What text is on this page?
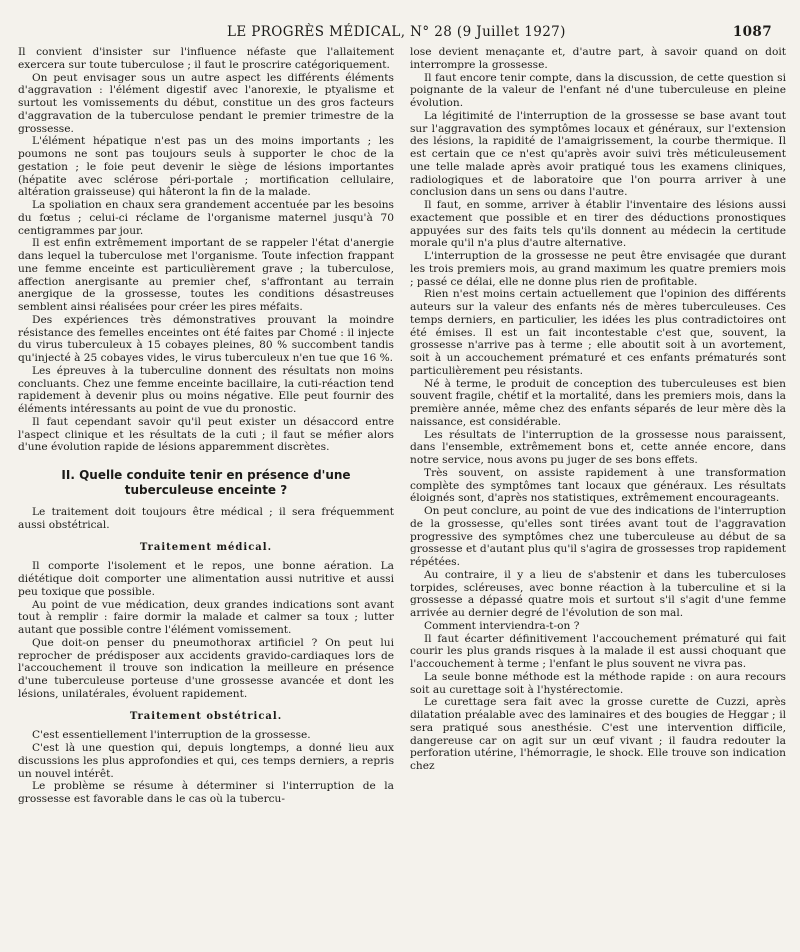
LE PROGRÈS MÉDICAL, N° 28 (9 Juillet 1927)	1087

Il convient d'insister sur l'influence néfaste que l'allaitement exercera sur toute tuberculose ; il faut le proscrire catégoriquement.

On peut envisager sous un autre aspect les différents éléments d'aggravation : l'élément digestif avec l'anorexie, le ptyalisme et surtout les vomissements du début, constitue un des gros facteurs d'aggravation de la tuberculose pendant le premier trimestre de la grossesse.

L'élément hépatique n'est pas un des moins importants ; les poumons ne sont pas toujours seuls à supporter le choc de la gestation ; le foie peut devenir le siège de lésions importantes (hépatite avec sclérose péri-portale ; mortification cellulaire, altération graisseuse) qui hâteront la fin de la malade.

La spoliation en chaux sera grandement accentuée par les besoins du fœtus ; celui-ci réclame de l'organisme maternel jusqu'à 70 centigrammes par jour.

Il est enfin extrêmement important de se rappeler l'état d'anergie dans lequel la tuberculose met l'organisme. Toute infection frappant une femme enceinte est particulièrement grave ; la tuberculose, affection anergisante au premier chef, s'affrontant au terrain anergique de la grossesse, toutes les conditions désastreuses semblent ainsi réalisées pour créer les pires méfaits.

Des expériences très démonstratives prouvant la moindre résistance des femelles enceintes ont été faites par Chomé : il injecte du virus tuberculeux à 15 cobayes pleines, 80 % succombent tandis qu'injecté à 25 cobayes vides, le virus tuberculeux n'en tue que 16 %.

Les épreuves à la tuberculine donnent des résultats non moins concluants. Chez une femme enceinte bacillaire, la cuti-réaction tend rapidement à devenir plus ou moins négative. Elle peut fournir des éléments intéressants au point de vue du pronostic.

Il faut cependant savoir qu'il peut exister un désaccord entre l'aspect clinique et les résultats de la cuti ; il faut se méfier alors d'une évolution rapide de lésions apparemment discrètes.

II. Quelle conduite tenir en présence d'une tuberculeuse enceinte ?

Le traitement doit toujours être médical ; il sera fréquemment aussi obstétrical.

Traitement médical.

Il comporte l'isolement et le repos, une bonne aération. La diététique doit comporter une alimentation aussi nutritive et aussi peu toxique que possible.

Au point de vue médication, deux grandes indications sont avant tout à remplir : faire dormir la malade et calmer sa toux ; lutter autant que possible contre l'élément vomissement.

Que doit-on penser du pneumothorax artificiel ? On peut lui reprocher de prédisposer aux accidents gravido-cardiaques lors de l'accouchement il trouve son indication la meilleure en présence d'une tuberculeuse porteuse d'une grossesse avancée et dont les lésions, unilatérales, évoluent rapidement.

Traitement obstétrical.

C'est essentiellement l'interruption de la grossesse.

C'est là une question qui, depuis longtemps, a donné lieu aux discussions les plus approfondies et qui, ces temps derniers, a repris un nouvel intérêt.

Le problème se résume à déterminer si l'interruption de la grossesse est favorable dans le cas où la tubercu-

lose devient menaçante et, d'autre part, à savoir quand on doit interrompre la grossesse.

Il faut encore tenir compte, dans la discussion, de cette question si poignante de la valeur de l'enfant né d'une tuberculeuse en pleine évolution.

La légitimité de l'interruption de la grossesse se base avant tout sur l'aggravation des symptômes locaux et généraux, sur l'extension des lésions, la rapidité de l'amaigrissement, la courbe thermique. Il est certain que ce n'est qu'après avoir suivi très méticuleusement une telle malade après avoir pratiqué tous les examens cliniques, radiologiques et de laboratoire que l'on pourra arriver à une conclusion dans un sens ou dans l'autre.

Il faut, en somme, arriver à établir l'inventaire des lésions aussi exactement que possible et en tirer des déductions pronostiques appuyées sur des faits tels qu'ils donnent au médecin la certitude morale qu'il n'a plus d'autre alternative.

L'interruption de la grossesse ne peut être envisagée que durant les trois premiers mois, au grand maximum les quatre premiers mois ; passé ce délai, elle ne donne plus rien de profitable.

Rien n'est moins certain actuellement que l'opinion des différents auteurs sur la valeur des enfants nés de mères tuberculeuses. Ces temps derniers, en particulier, les idées les plus contradictoires ont été émises. Il est un fait incontestable c'est que, souvent, la grossesse n'arrive pas à terme ; elle aboutit soit à un avortement, soit à un accouchement prématuré et ces enfants prématurés sont particulièrement peu résistants.

Né à terme, le produit de conception des tuberculeuses est bien souvent fragile, chétif et la mortalité, dans les premiers mois, dans la première année, même chez des enfants séparés de leur mère dès la naissance, est considérable.

Les résultats de l'interruption de la grossesse nous paraissent, dans l'ensemble, extrêmement bons et, cette année encore, dans notre service, nous avons pu juger de ses bons effets.

Très souvent, on assiste rapidement à une transformation complète des symptômes tant locaux que généraux. Les résultats éloignés sont, d'après nos statistiques, extrêmement encourageants.

On peut conclure, au point de vue des indications de l'interruption de la grossesse, qu'elles sont tirées avant tout de l'aggravation progressive des symptômes chez une tuberculeuse au début de sa grossesse et d'autant plus qu'il s'agira de grossesses trop rapidement répétées.

Au contraire, il y a lieu de s'abstenir et dans les tuberculoses torpides, scléreuses, avec bonne réaction à la tuberculine et si la grossesse a dépassé quatre mois et surtout s'il s'agit d'une femme arrivée au dernier degré de l'évolution de son mal.

Comment interviendra-t-on ?

Il faut écarter définitivement l'accouchement prématuré qui fait courir les plus grands risques à la malade il est aussi choquant que l'accouchement à terme ; l'enfant le plus souvent ne vivra pas.

La seule bonne méthode est la méthode rapide : on aura recours soit au curettage soit à l'hystérectomie.

Le curettage sera fait avec la grosse curette de Cuzzi, après dilatation préalable avec des laminaires et des bougies de Heggar ; il sera pratiqué sous anesthésie. C'est une intervention difficile, dangereuse car on agit sur un œuf vivant ; il faudra redouter la perforation utérine, l'hémorragie, le shock. Elle trouve son indication chez
